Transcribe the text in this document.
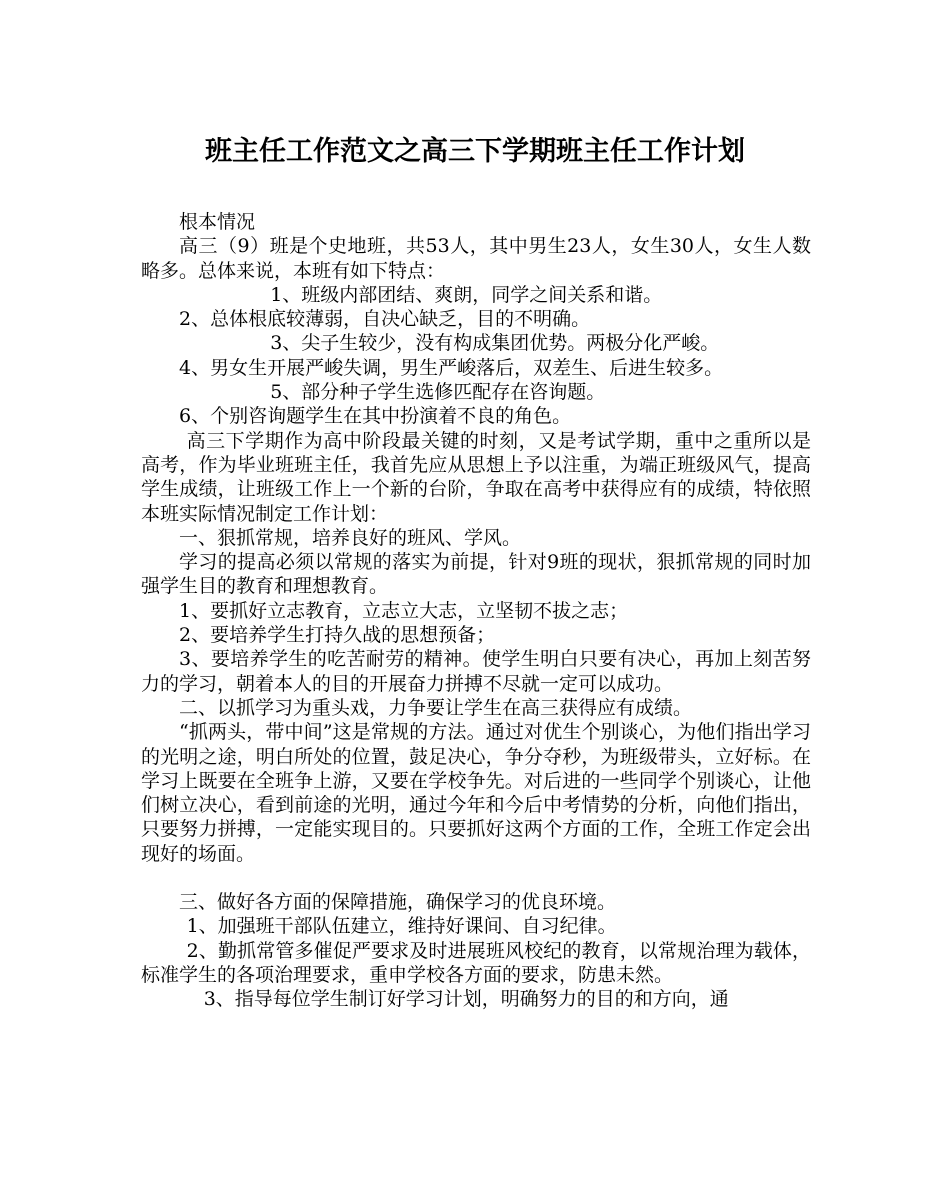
班主任工作范文之高三下学期班主任工作计划

根本情况

高三（9）班是个史地班，共53人，其中男生23人，女生30人，女生人数略多。总体来说，本班有如下特点：

1、班级内部团结、爽朗，同学之间关系和谐。

2、总体根底较薄弱，自决心缺乏，目的不明确。

3、尖子生较少，没有构成集团优势。两极分化严峻。

4、男女生开展严峻失调，男生严峻落后，双差生、后进生较多。

5、部分种子学生选修匹配存在咨询题。

6、个别咨询题学生在其中扮演着不良的角色。

高三下学期作为高中阶段最关键的时刻，又是考试学期，重中之重所以是高考，作为毕业班班主任，我首先应从思想上予以注重，为端正班级风气，提高学生成绩，让班级工作上一个新的台阶，争取在高考中获得应有的成绩，特依照本班实际情况制定工作计划：

一、狠抓常规，培养良好的班风、学风。

学习的提高必须以常规的落实为前提，针对9班的现状，狠抓常规的同时加强学生目的教育和理想教育。

1、要抓好立志教育，立志立大志，立坚韧不拔之志；

2、要培养学生打持久战的思想预备；

3、要培养学生的吃苦耐劳的精神。使学生明白只要有决心，再加上刻苦努力的学习，朝着本人的目的开展奋力拼搏不尽就一定可以成功。

二、以抓学习为重头戏，力争要让学生在高三获得应有成绩。

“抓两头，带中间”这是常规的方法。通过对优生个别谈心，为他们指出学习的光明之途，明白所处的位置，鼓足决心，争分夺秒，为班级带头，立好标。在学习上既要在全班争上游，又要在学校争先。对后进的一些同学个别谈心，让他们树立决心，看到前途的光明，通过今年和今后中考情势的分析，向他们指出，只要努力拼搏，一定能实现目的。只要抓好这两个方面的工作，全班工作定会出现好的场面。

三、做好各方面的保障措施，确保学习的优良环境。

1、加强班干部队伍建立，维持好课间、自习纪律。

2、勤抓常管多催促严要求及时进展班风校纪的教育，以常规治理为载体，标准学生的各项治理要求，重申学校各方面的要求，防患未然。

3、指导每位学生制订好学习计划，明确努力的目的和方向，通
